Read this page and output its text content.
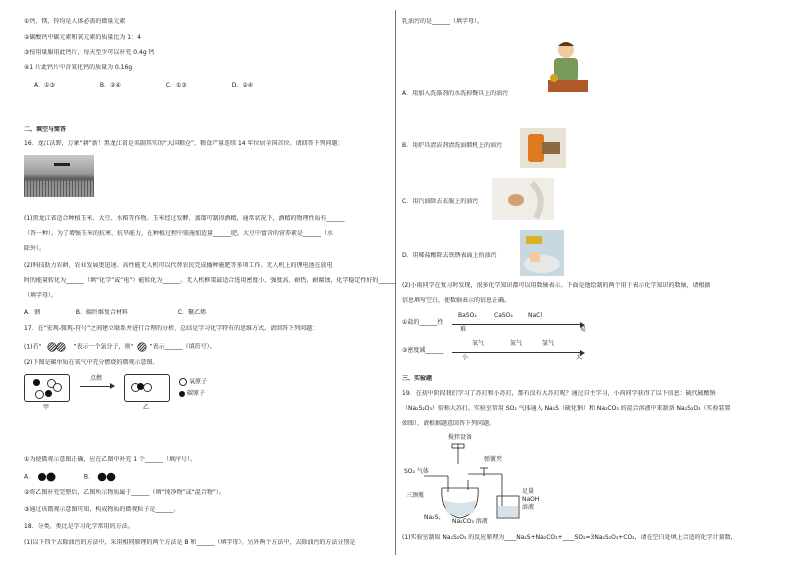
①钙、镁、锌均是人体必需的微量元素

②碳酸钙中碳元素和氧元素的质量比为 1：4

③按用量服用此钙片，每天至少可以补充 0.4g 钙

④1 片此钙片中含氧化钙的质量为 0.16g

A．①③	B．②④	C．①③	D．②④

二、填空与简答

16．龙江沃野，万象“耕”新！黑龙江省是名副其实的“大国粮仓”，粮食产量连续 14 年位居全国首位。请回答下列问题：

(1)黑龙江省适合种植玉米、大豆、水稻等作物。玉米经过发酵、蒸馏可制得酒精，通常状况下，酒精的物理性质有______

（答一种）。为了增强玉米的抗寒、抗旱能力，在种植过程中需施加适量______肥。大豆中富含的营养素是______（水

除外）。

(2)科技助力农耕，农业发展更迅速。高性能无人机可以代替农民完成播种施肥等多项工作。无人机上的锂电池在放电

时的能量转化为______（填“化学”或“电”）能转化为______。无人机框架最适合选用密度小、强度高、耐热、耐腐蚀，化学稳定性好的______

（填字母）。

A．钢	B．碳纤维复合材料	C．聚乙烯

17．在“宏观-微观-符号”之间建立联系并进行合理的分析、总结是学习化学特有的思维方式。请回答下列问题：

(1)若“	”表示一个氯分子，则“	”表示______（填符号）。

(2)下图是碳单质在氧气中充分燃烧的微观示意图。

点燃
甲	乙
氧原子
碳原子

①为使微观示意图正确，应在乙图中补充 1 个______（填序号）。

A．	B．

②将乙图补充完整后，乙图所示物质属于______（填“纯净物”或“混合物”）。

③通过该微观示意图可知，构成物质的微观粒子是______。

18．分类、类比是学习化学常用的方法。

(1)以下四个去除油污的方法中，采用相同原理的两个方法是 B 和______（填字母）。另外两个方法中，去除油污的方法分别是

乳油污的是______（填字母）。

A．用加入洗涤剂的水洗掉餐具上的油污

B．用炉具清洁剂清洗油烟机上的油污

C．用汽油除去衣服上的油污

D．用稀盐酸除去铁锈表面上的油污

(2)小雨同学在复习时发现，很多化学知识都可以用数轴表示。下面是他绘制的两个用于表示化学知识的数轴，请根据

信息填写空白，使数轴表示的信息正确。

①盐的______性
BaSO₄	CaSO₄	NaCl
难	易
②密度减______
氧气	氮气	氢气
小	大

三、实验题

19．在初中阶段我们学习了苏打和小苏打，那有没有大苏打呢？通过自主学习，小尚同学获得了以下信息：硫代硫酸钠

（Na₂S₂O₃）俗称大苏打。实验室常用 SO₂ 气体通入 Na₂S（硫化钠）和 Na₂CO₃ 的混合溶液中来制备 Na₂S₂O₃（实验装置

如图），请根据题意回答下列问题。

搅拌设备
弹簧夹
SO₂ 气体
三颈瓶
足量
NaOH
溶液
Na₂S、
Na₂CO₃ 溶液

(1)实验室制取 Na₂S₂O₃ 的反应原理为____Na₂S+Na₂CO₃+____SO₂=3Na₂S₂O₃+CO₂，请在空白处填上合适的化学计量数，
